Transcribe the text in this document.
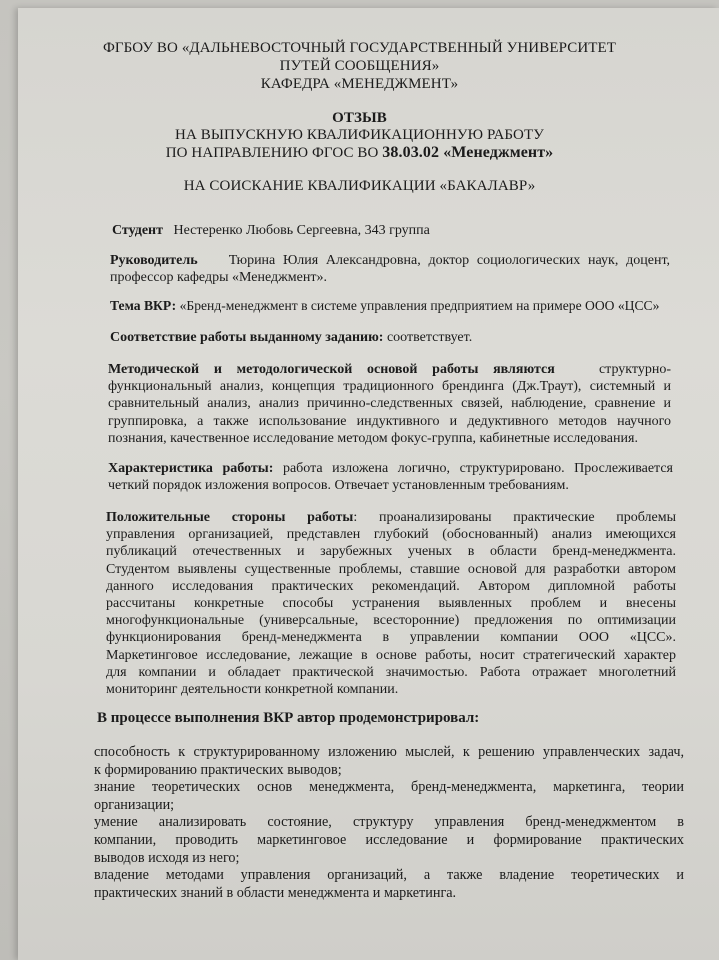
ФГБОУ ВО «ДАЛЬНЕВОСТОЧНЫЙ ГОСУДАРСТВЕННЫЙ УНИВЕРСИТЕТ
ПУТЕЙ СООБЩЕНИЯ»
КАФЕДРА «МЕНЕДЖМЕНТ»
ОТЗЫВ
НА ВЫПУСКНУЮ КВАЛИФИКАЦИОННУЮ РАБОТУ
ПО НАПРАВЛЕНИЮ ФГОС ВО 38.03.02 «Менеджмент»
НА СОИСКАНИЕ КВАЛИФИКАЦИИ «БАКАЛАВР»
Студент Нестеренко Любовь Сергеевна, 343 группа
Руководитель Тюрина Юлия Александровна, доктор социологических наук, доцент,
профессор кафедры «Менеджмент».
Тема ВКР: «Бренд-менеджмент в системе управления предприятием на примере ООО «ЦСС»
Соответствие работы выданному заданию: соответствует.
Методической и методологической основой работы являются	структурно-
функциональный анализ, концепция традиционного брендинга (Дж.Траут), системный и
сравнительный анализ, анализ причинно-следственных связей, наблюдение, сравнение и
группировка, а также использование индуктивного и дедуктивного методов научного
познания, качественное исследование методом фокус-группа, кабинетные исследования.
Характеристика работы: работа изложена логично, структурировано. Прослеживается
четкий порядок изложения вопросов. Отвечает установленным требованиям.
Положительные стороны работы: проанализированы практические проблемы
управления организацией, представлен глубокий (обоснованный) анализ имеющихся
публикаций отечественных и зарубежных ученых в области бренд-менеджмента.
Студентом выявлены существенные проблемы, ставшие основой для разработки автором
данного исследования практических рекомендаций. Автором дипломной работы
рассчитаны конкретные способы устранения выявленных проблем и внесены
многофункциональные (универсальные, всесторонние) предложения по оптимизации
функционирования бренд-менеджмента в управлении компании ООО «ЦСС».
Маркетинговое исследование, лежащие в основе работы, носит стратегический характер
для компании и обладает практической значимостью. Работа отражает многолетний
мониторинг деятельности конкретной компании.
В процессе выполнения ВКР автор продемонстрировал:
способность к структурированному изложению мыслей, к решению управленческих задач,
к формированию практических выводов;
знание теоретических основ менеджмента, бренд-менеджмента, маркетинга, теории
организации;
умение анализировать состояние, структуру управления бренд-менеджментом в
компании, проводить маркетинговое исследование и формирование практических
выводов исходя из него;
владение методами управления организаций, а также владение теоретических и
практических знаний в области менеджмента и маркетинга.
